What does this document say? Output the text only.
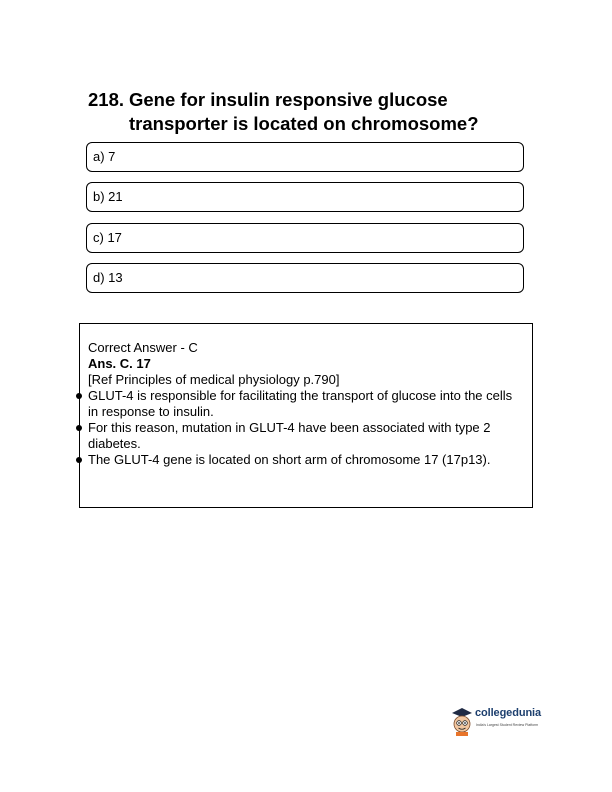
218. Gene for insulin responsive glucose transporter is located on chromosome?
a) 7
b) 21
c) 17
d) 13
Correct Answer - C
Ans. C. 17
[Ref Principles of medical physiology p.790]
GLUT-4 is responsible for facilitating the transport of glucose into the cells in response to insulin.
For this reason, mutation in GLUT-4 have been associated with type 2 diabetes.
The GLUT-4 gene is located on short arm of chromosome 17 (17p13).
collegedunia
India's Largest Student Review Platform
